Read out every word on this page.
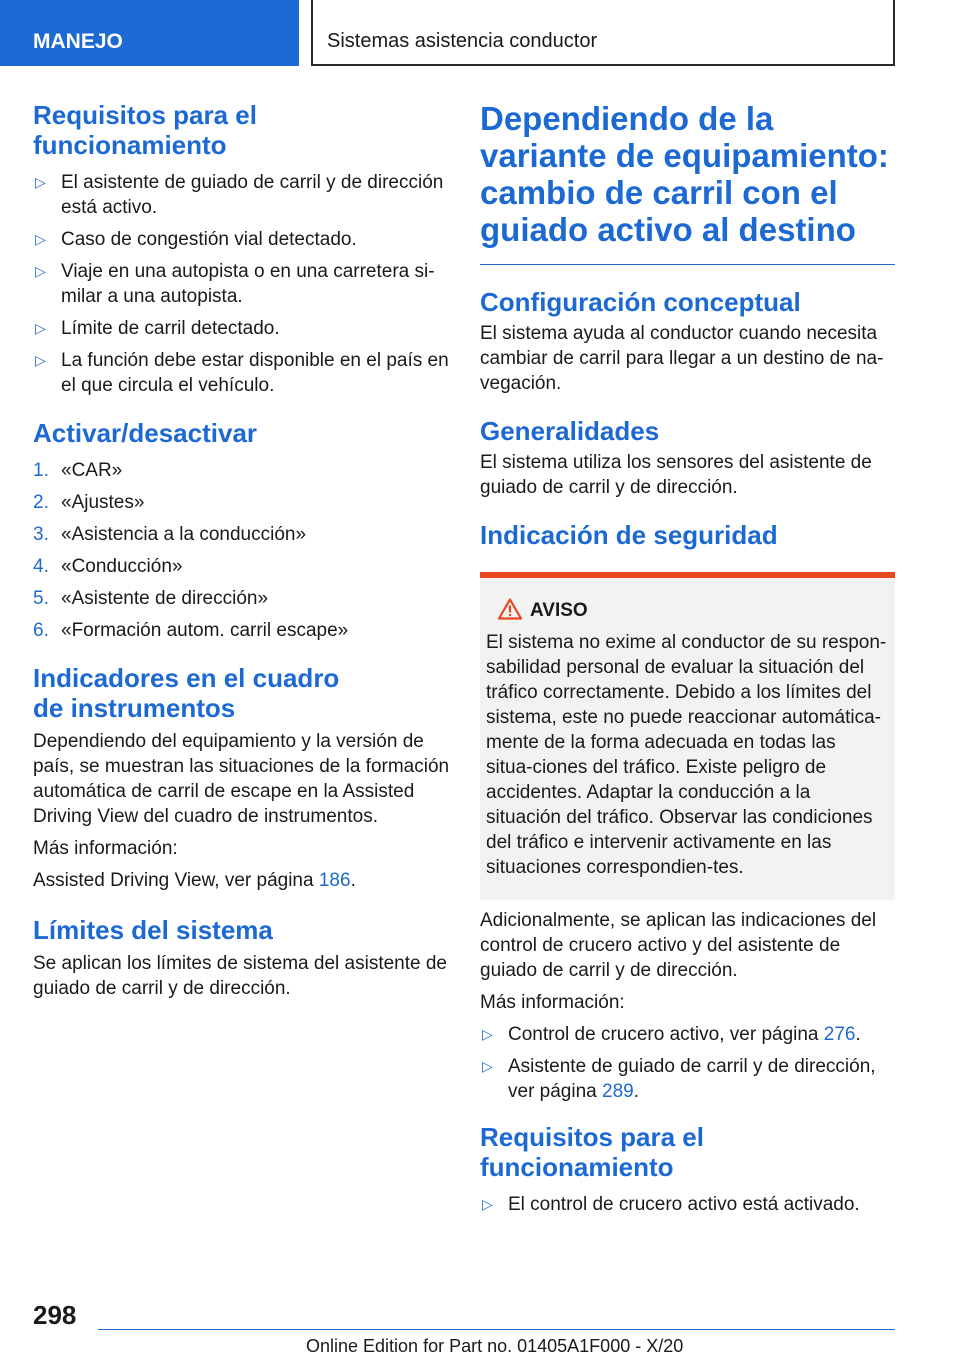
MANEJO	Sistemas asistencia conductor
Requisitos para el funcionamiento
▷ El asistente de guiado de carril y de dirección está activo.
▷ Caso de congestión vial detectado.
▷ Viaje en una autopista o en una carretera si-milar a una autopista.
▷ Límite de carril detectado.
▷ La función debe estar disponible en el país en el que circula el vehículo.
Activar/desactivar
1. «CAR»
2. «Ajustes»
3. «Asistencia a la conducción»
4. «Conducción»
5. «Asistente de dirección»
6. «Formación autom. carril escape»
Indicadores en el cuadro
de instrumentos

Dependiendo del equipamiento y la versión de país, se muestran las situaciones de la formación automática de carril de escape en la Assisted Driving View del cuadro de instrumentos.

Más información:

Assisted Driving View, ver página 186.

Límites del sistema

Se aplican los límites de sistema del asistente de guiado de carril y de dirección.

Dependiendo de la variante de equipamiento: cambio de carril con el guiado activo al destino
Configuración conceptual

El sistema ayuda al conductor cuando necesita cambiar de carril para llegar a un destino de na-vegación.

Generalidades

El sistema utiliza los sensores del asistente de guiado de carril y de dirección.

Indicación de seguridad
AVISO

El sistema no exime al conductor de su respon-sabilidad personal de evaluar la situación del tráfico correctamente. Debido a los límites del sistema, este no puede reaccionar automática-mente de la forma adecuada en todas las situa-ciones del tráfico. Existe peligro de accidentes. Adaptar la conducción a la situación del tráfico. Observar las condiciones del tráfico e intervenir activamente en las situaciones correspondien-tes.

Adicionalmente, se aplican las indicaciones del control de crucero activo y del asistente de guiado de carril y de dirección.

Más información:

▷ Control de crucero activo, ver página 276.
▷ Asistente de guiado de carril y de dirección, ver página 289.
Requisitos para el funcionamiento
▷ El control de crucero activo está activado.
298
Online Edition for Part no. 01405A1F000 - X/20
